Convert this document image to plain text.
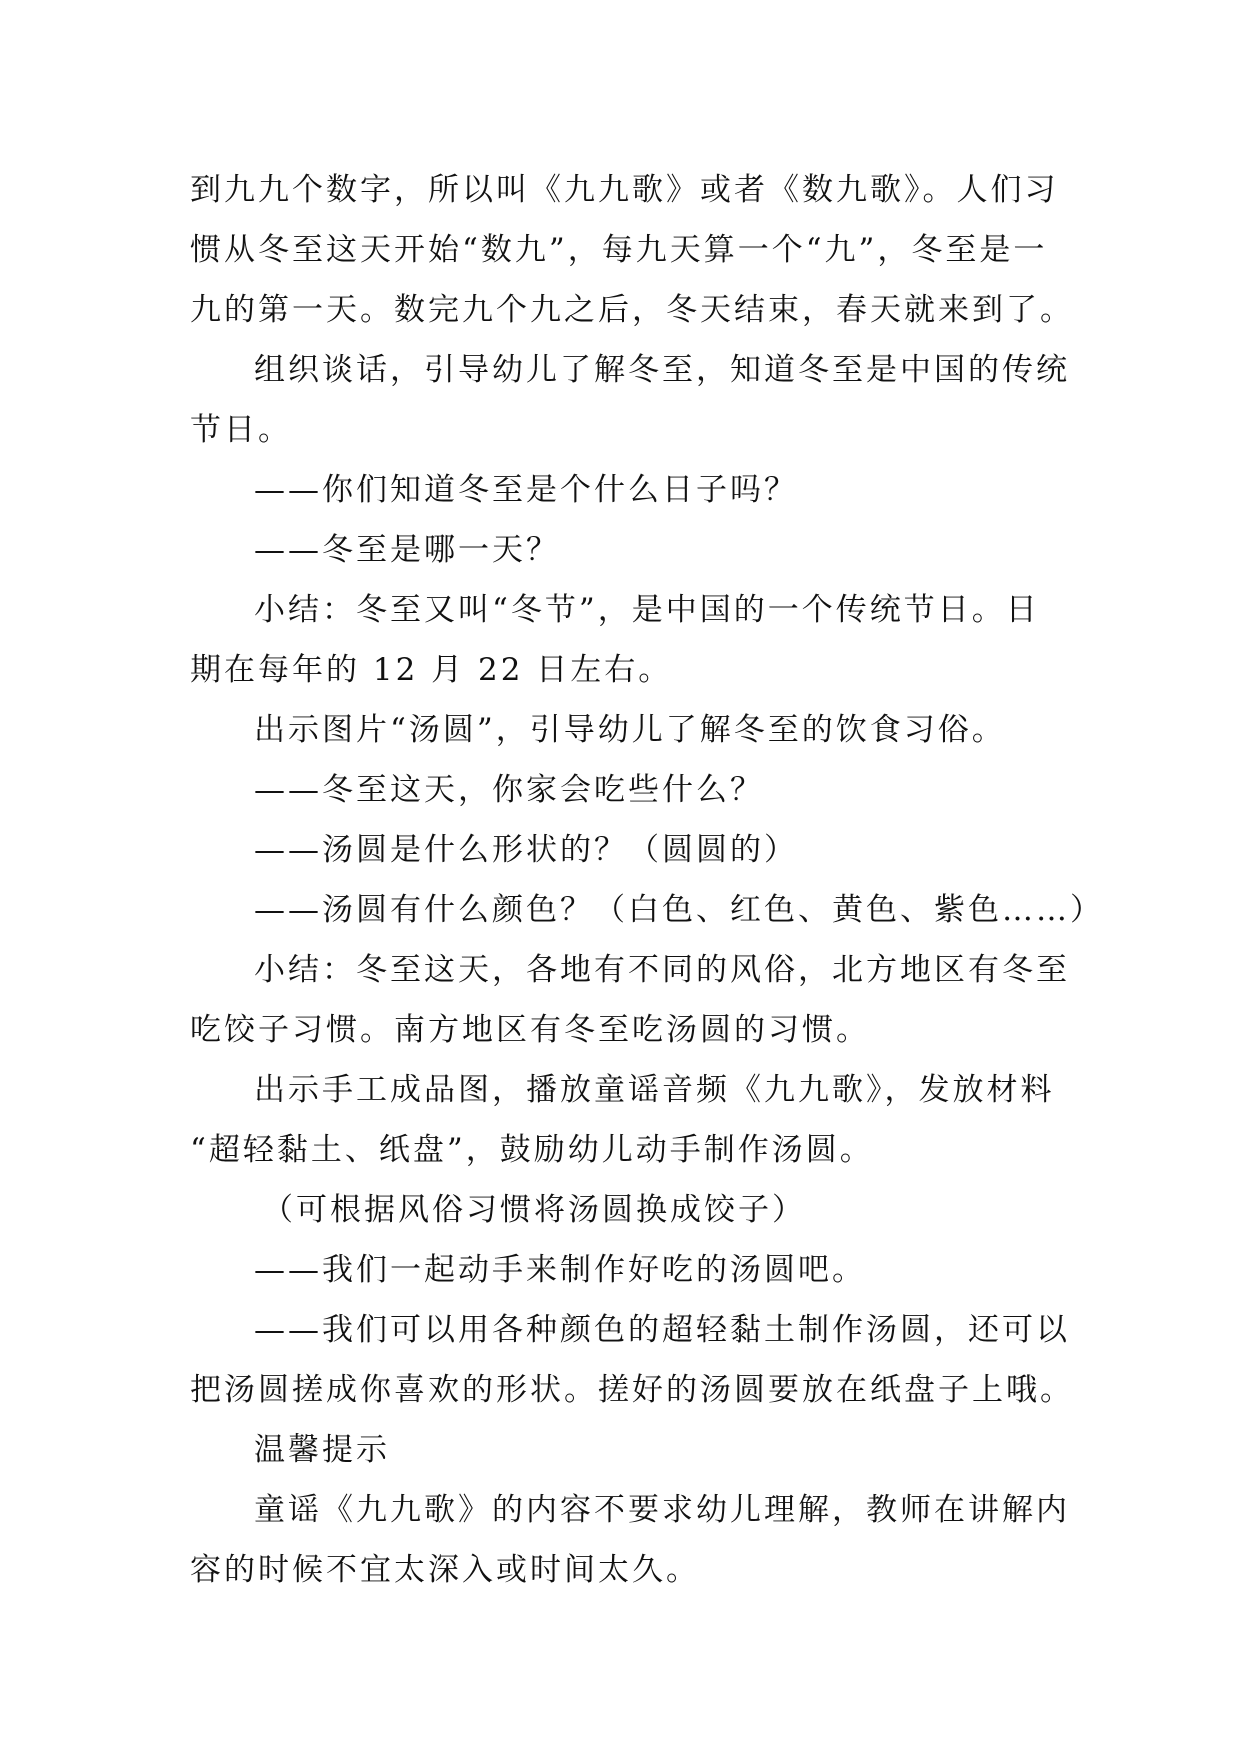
到九九个数字，所以叫《九九歌》或者《数九歌》。人们习
惯从冬至这天开始“数九”，每九天算一个“九”，冬至是一
九的第一天。数完九个九之后，冬天结束，春天就来到了。
组织谈话，引导幼儿了解冬至，知道冬至是中国的传统
节日。
——你们知道冬至是个什么日子吗？
——冬至是哪一天？
小结：冬至又叫“冬节”，是中国的一个传统节日。日
期在每年的 12 月 22 日左右。
出示图片“汤圆”，引导幼儿了解冬至的饮食习俗。
——冬至这天，你家会吃些什么？
——汤圆是什么形状的？（圆圆的）
——汤圆有什么颜色？（白色、红色、黄色、紫色……）
小结：冬至这天，各地有不同的风俗，北方地区有冬至
吃饺子习惯。南方地区有冬至吃汤圆的习惯。
出示手工成品图，播放童谣音频《九九歌》，发放材料
“超轻黏土、纸盘”，鼓励幼儿动手制作汤圆。
（可根据风俗习惯将汤圆换成饺子）
——我们一起动手来制作好吃的汤圆吧。
——我们可以用各种颜色的超轻黏土制作汤圆，还可以
把汤圆搓成你喜欢的形状。搓好的汤圆要放在纸盘子上哦。
温馨提示
童谣《九九歌》的内容不要求幼儿理解，教师在讲解内
容的时候不宜太深入或时间太久。
